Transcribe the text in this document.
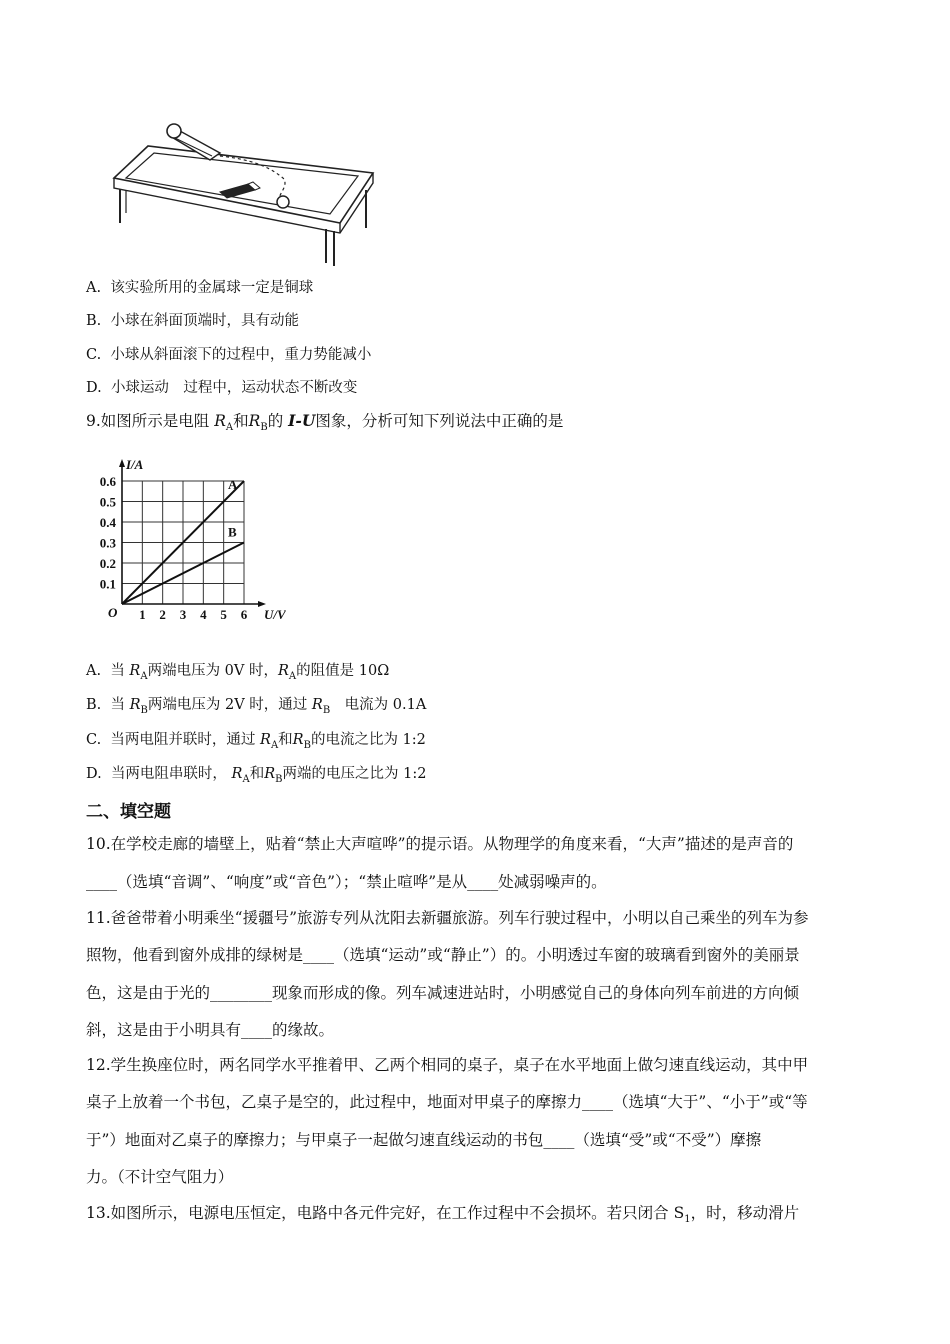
A. 该实验所用的金属球一定是铜球
B. 小球在斜面顶端时，具有动能
C. 小球从斜面滚下的过程中，重力势能减小
D. 小球运动　过程中，运动状态不断改变
9.如图所示是电阻 $R_A$和$R_B$的 I-U图象，分析可知下列说法中正确的是
1 2 3 4 5 6
0.1
0.2
0.3
0.4
0.5
0.6
O	U/V
I/A
A
B
A. 当 $R_A$两端电压为 0V 时，$R_A$的阻值是 10Ω
B. 当 $R_B$两端电压为 2V 时，通过 $R_B$　电流为 0.1A
C. 当两电阻并联时，通过 $R_A$和$R_B$的电流之比为 1:2
D. 当两电阻串联时， $R_A$和$R_B$两端的电压之比为 1:2
二、填空题
10.在学校走廊的墙壁上，贴着“禁止大声喧哗”的提示语。从物理学的角度来看，“大声”描述的是声音的
____（选填“音调”、“响度”或“音色”）；“禁止喧哗”是从____处减弱噪声的。
11.爸爸带着小明乘坐“援疆号”旅游专列从沈阳去新疆旅游。列车行驶过程中，小明以自己乘坐的列车为参
照物，他看到窗外成排的绿树是____（选填“运动”或“静止”）的。小明透过车窗的玻璃看到窗外的美丽景
色，这是由于光的________现象而形成的像。列车减速进站时，小明感觉自己的身体向列车前进的方向倾
斜，这是由于小明具有____的缘故。
12.学生换座位时，两名同学水平推着甲、乙两个相同的桌子，桌子在水平地面上做匀速直线运动，其中甲
桌子上放着一个书包，乙桌子是空的，此过程中，地面对甲桌子的摩擦力____（选填“大于”、“小于”或“等
于”）地面对乙桌子的摩擦力；与甲桌子一起做匀速直线运动的书包____（选填“受”或“不受”）摩擦
力。（不计空气阻力）
13.如图所示，电源电压恒定，电路中各元件完好，在工作过程中不会损坏。若只闭合 $S_1$，时，移动滑片
